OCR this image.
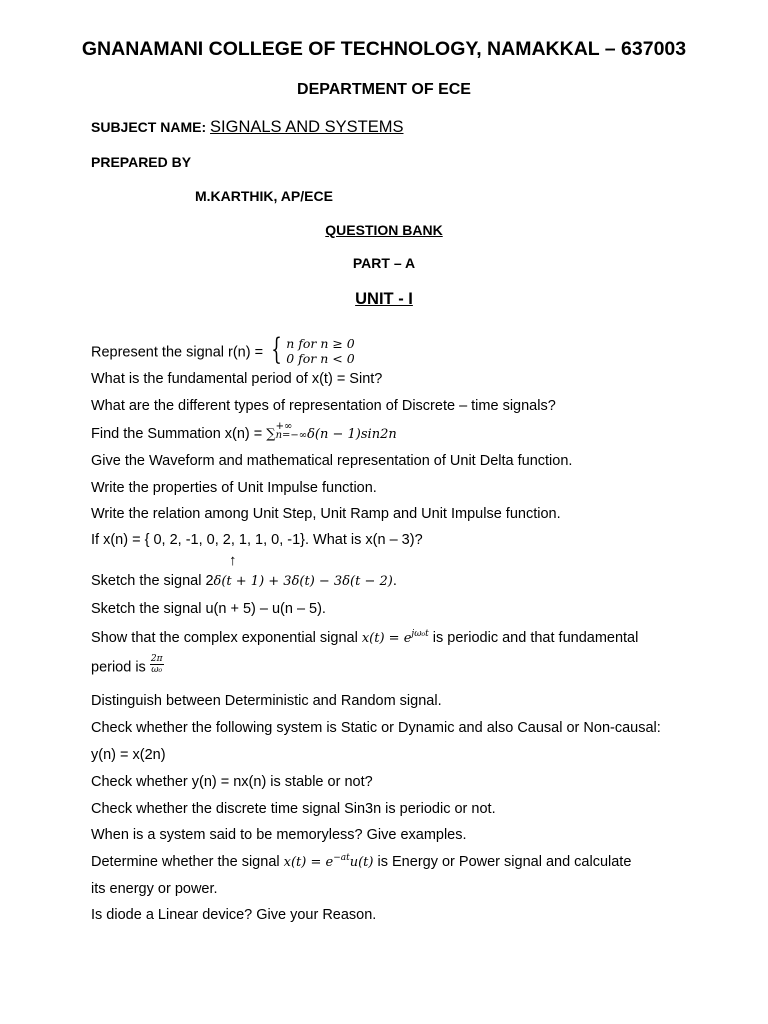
GNANAMANI COLLEGE OF TECHNOLOGY, NAMAKKAL – 637003
DEPARTMENT OF ECE
SUBJECT NAME: SIGNALS AND SYSTEMS
PREPARED BY
M.KARTHIK, AP/ECE
QUESTION BANK
PART – A
UNIT - I
Represent the signal r(n) = { n for n ≥ 0
0 for n < 0
What is the fundamental period of x(t) = Sint?
What are the different types of representation of Discrete – time signals?
Find the Summation x(n) = ∑
+∞
n=−∞ δ(n − 1)sin2n
Give the Waveform and mathematical representation of Unit Delta function.
Write the properties of Unit Impulse function.
Write the relation among Unit Step, Unit Ramp and Unit Impulse function.
If x(n) = { 0, 2, -1, 0, 2, 1, 1, 0, -1}. What is x(n – 3)?
↑
Sketch the signal 2δ(t + 1) + 3δ(t) − 3δ(t − 2).
Sketch the signal u(n + 5) – u(n – 5).
Show that the complex exponential signal $x(t) = e^{j\omega_0t}$ is periodic and that fundamental
period is $\frac{2\pi}{\text{ω₀}}$
Distinguish between Deterministic and Random signal.
Check whether the following system is Static or Dynamic and also Causal or Non-causal:
y(n) = x(2n)
Check whether y(n) = nx(n) is stable or not?
Check whether the discrete time signal Sin3n is periodic or not.
When is a system said to be memoryless? Give examples.
Determine whether the signal $x(t) = e^{-at}u(t)$ is Energy or Power signal and calculate
its energy or power.
Is diode a Linear device? Give your Reason.
